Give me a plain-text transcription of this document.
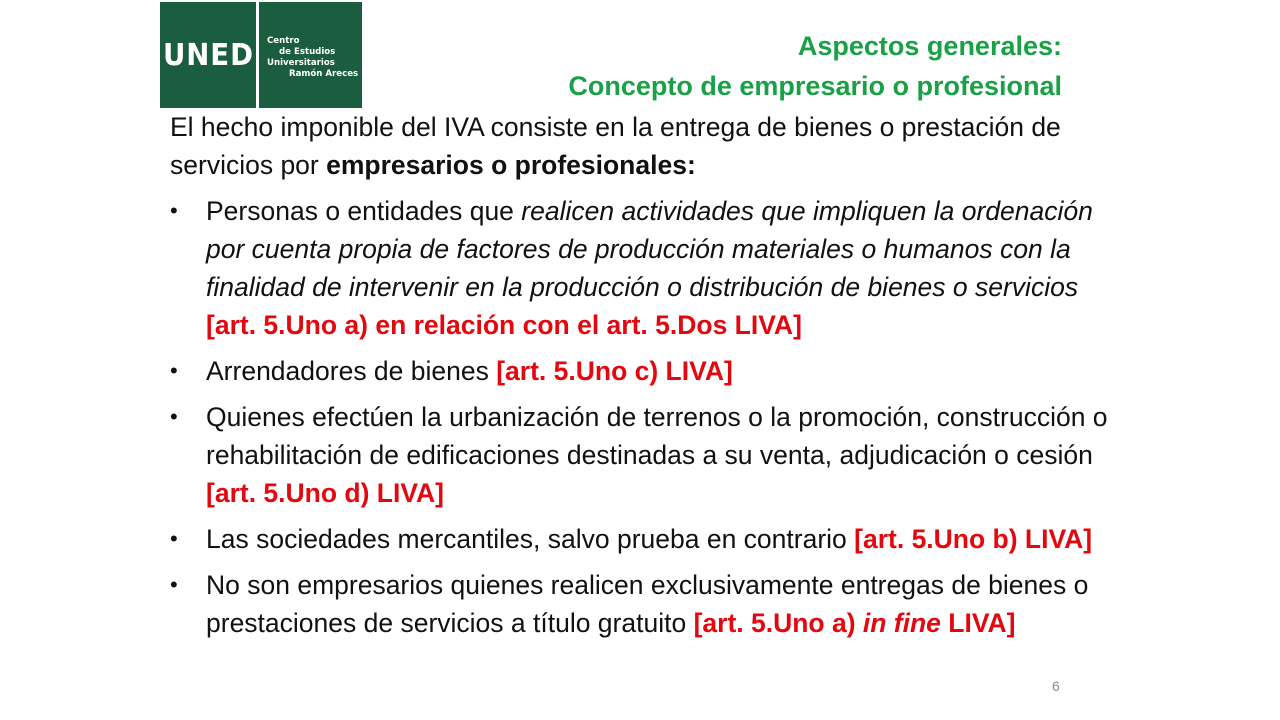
UNED Centro
de Estudios
Universitarios
Ramón Areces
Aspectos generales:
Concepto de empresario o profesional

El hecho imponible del IVA consiste en la entrega de bienes o prestación de servicios por empresarios o profesionales:

•	Personas o entidades que realicen actividades que impliquen la ordenación por cuenta propia de factores de producción materiales o humanos con la finalidad de intervenir en la producción o distribución de bienes o servicios [art. 5.Uno a) en relación con el art. 5.Dos LIVA]
•	Arrendadores de bienes [art. 5.Uno c) LIVA]
•	Quienes efectúen la urbanización de terrenos o la promoción, construcción o rehabilitación de edificaciones destinadas a su venta, adjudicación o cesión [art. 5.Uno d) LIVA]
•	Las sociedades mercantiles, salvo prueba en contrario [art. 5.Uno b) LIVA]
•	No son empresarios quienes realicen exclusivamente entregas de bienes o prestaciones de servicios a título gratuito [art. 5.Uno a) in fine LIVA]
6
